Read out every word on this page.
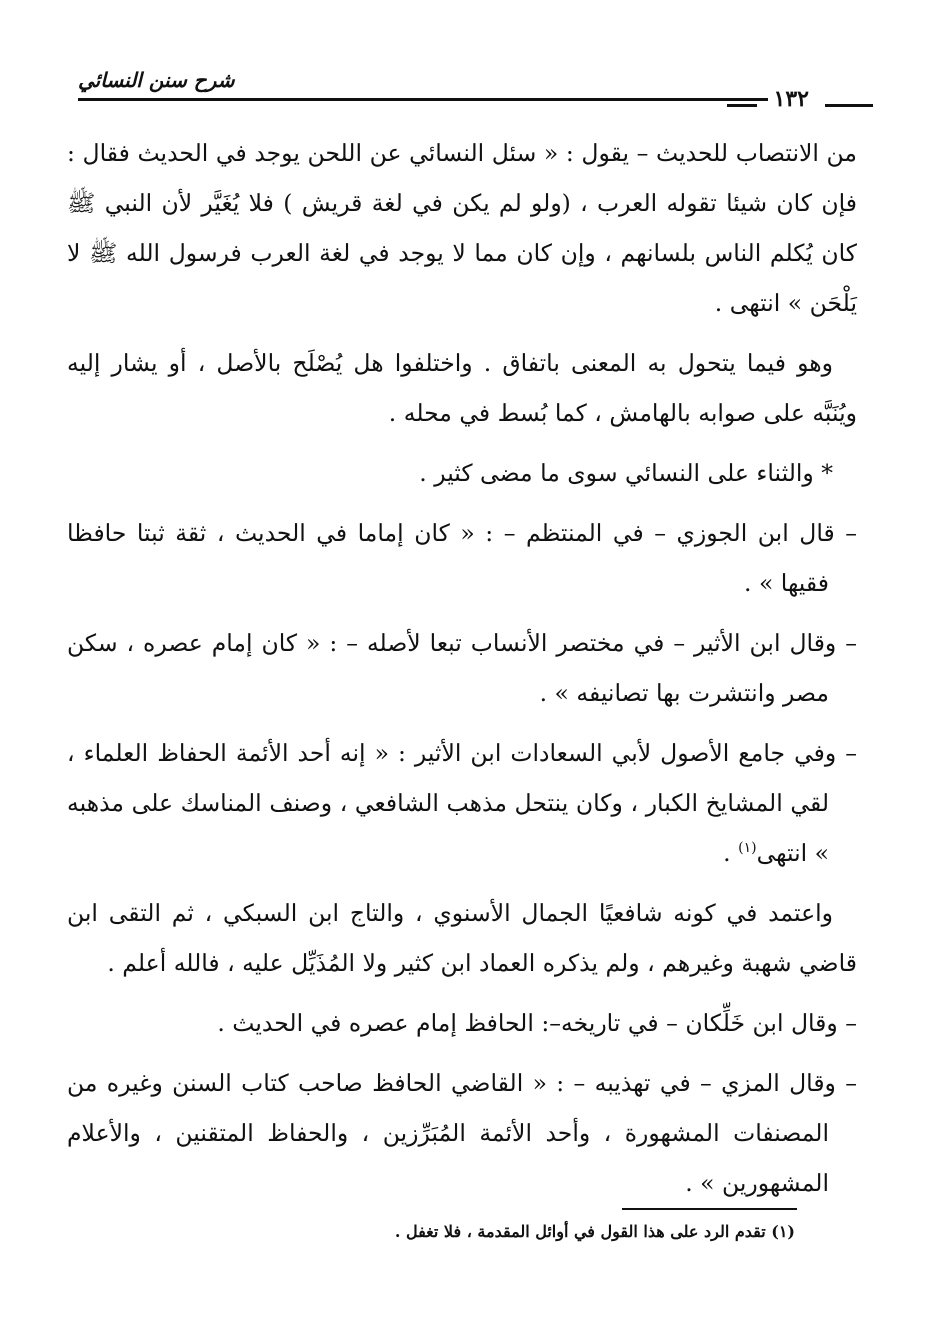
شرح سنن النسائي
١٣٢

من الانتصاب للحديث – يقول : « سئل النسائي عن اللحن يوجد في الحديث فقال : فإن كان شيئا تقوله العرب ، (ولو لم يكن في لغة قريش ) فلا يُغَيَّر لأن النبي ﷺ كان يُكلم الناس بلسانهم ، وإن كان مما لا يوجد في لغة العرب فرسول الله ﷺ لا يَلْحَن » انتهى .

وهو فيما يتحول به المعنى باتفاق . واختلفوا هل يُصْلَح بالأصل ، أو يشار إليه ويُنَبَّه على صوابه بالهامش ، كما بُسط في محله .

* والثناء على النسائي سوى ما مضى كثير .

– قال ابن الجوزي – في المنتظم – : « كان إماما في الحديث ، ثقة ثبتا حافظا فقيها » .

– وقال ابن الأثير – في مختصر الأنساب تبعا لأصله – : « كان إمام عصره ، سكن مصر وانتشرت بها تصانيفه » .

– وفي جامع الأصول لأبي السعادات ابن الأثير : « إنه أحد الأئمة الحفاظ العلماء ، لقي المشايخ الكبار ، وكان ينتحل مذهب الشافعي ، وصنف المناسك على مذهبه » انتهى$^{(١)}$ .

واعتمد في كونه شافعيًا الجمال الأسنوي ، والتاج ابن السبكي ، ثم التقى ابن قاضي شهبة وغيرهم ، ولم يذكره العماد ابن كثير ولا المُذَيِّل عليه ، فالله أعلم .

– وقال ابن خَلِّكان – في تاريخه–: الحافظ إمام عصره في الحديث .

– وقال المزي – في تهذيبه – : « القاضي الحافظ صاحب كتاب السنن وغيره من المصنفات المشهورة ، وأحد الأئمة المُبَرِّزين ، والحفاظ المتقنين ، والأعلام المشهورين » .

(١) تقدم الرد على هذا القول في أوائل المقدمة ، فلا تغفل .
